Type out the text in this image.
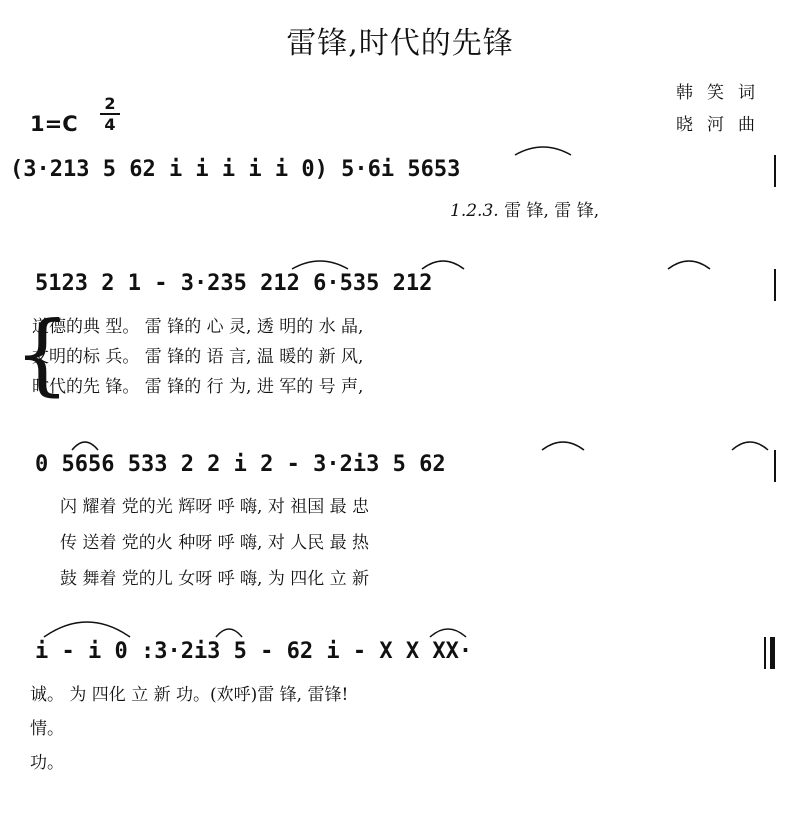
雷锋,时代的先锋
韩笑词
晓河曲
1=C
2
4
(3·213 5 62 i i i i i 0) 5·6i 5653
1.2.3. 雷 锋, 雷 锋,
5123 2 1 - 3·235 212 6·535 212
{
道德的典 型。 雷 锋的 心 灵, 透 明的 水 晶,
文明的标 兵。 雷 锋的 语 言, 温 暖的 新 风,
时代的先 锋。 雷 锋的 行 为, 进 军的 号 声,
0 5656 533 2 2 i 2 - 3·2i3 5 62
闪 耀着 党的光 辉呀 呼 嗨, 对 祖国 最 忠
传 送着 党的火 种呀 呼 嗨, 对 人民 最 热
鼓 舞着 党的儿 女呀 呼 嗨, 为 四化 立 新
i - i 0 :3·2i3 5 - 62 i - X X XX·
诚。 为 四化 立 新 功。(欢呼)雷 锋, 雷锋!
情。
功。
